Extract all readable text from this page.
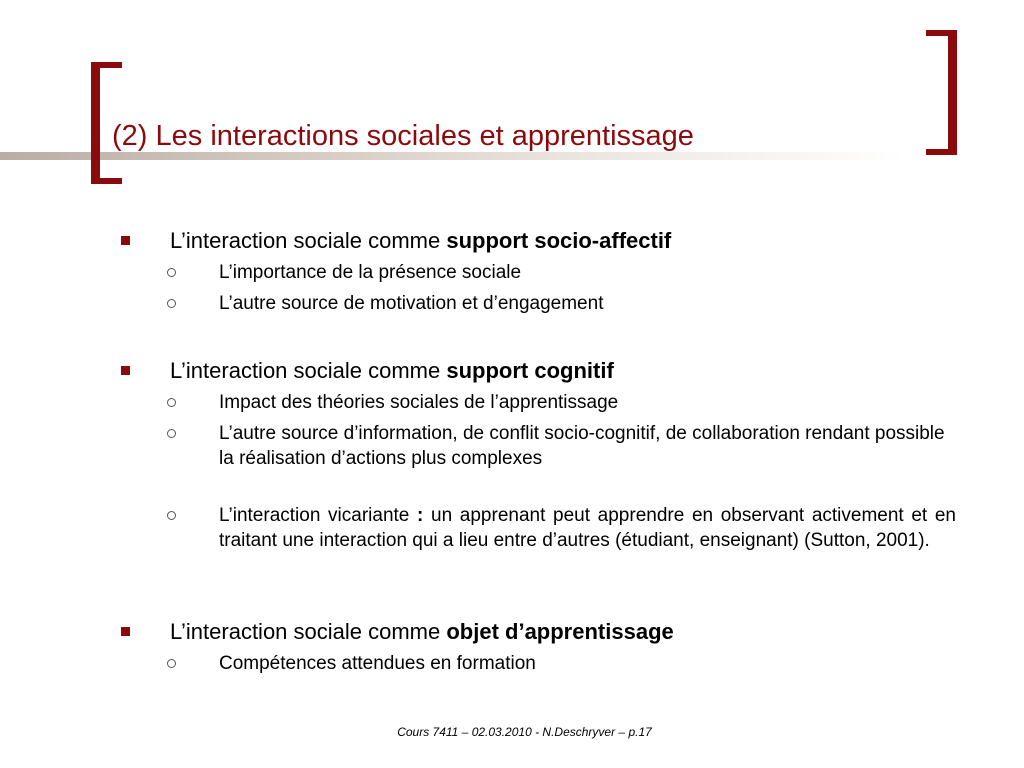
(2) Les interactions sociales et apprentissage
L’interaction sociale comme support socio-affectif
L’importance de la présence sociale
L’autre source de motivation et d’engagement
L’interaction sociale comme support cognitif
Impact des théories sociales de l’apprentissage
L’autre source d’information, de conflit socio-cognitif, de collaboration rendant possible la réalisation d’actions plus complexes
L’interaction vicariante : un apprenant peut apprendre en observant activement et en traitant une interaction qui a lieu entre d’autres (étudiant, enseignant) (Sutton, 2001).
L’interaction sociale comme objet d’apprentissage
Compétences attendues en formation
Cours 7411 – 02.03.2010 - N.Deschryver – p.17
